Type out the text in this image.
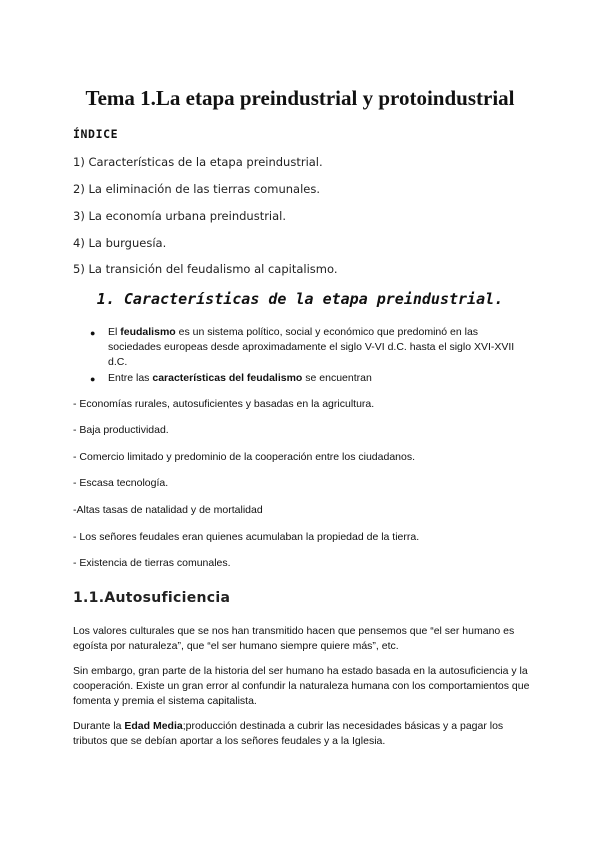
Tema 1.La etapa preindustrial y protoindustrial
ÍNDICE
1) Características de la etapa preindustrial.
2) La eliminación de las tierras comunales.
3) La economía urbana preindustrial.
4) La burguesía.
5) La transición del feudalismo al capitalismo.
1. Características de la etapa preindustrial.
● El feudalismo es un sistema político, social y económico que predominó en las sociedades europeas desde aproximadamente el siglo V-VI d.C. hasta el siglo XVI-XVII d.C.
● Entre las características del feudalismo se encuentran
- Economías rurales, autosuficientes y basadas en la agricultura.
- Baja productividad.
- Comercio limitado y predominio de la cooperación entre los ciudadanos.
- Escasa tecnología.
-Altas tasas de natalidad y de mortalidad
- Los señores feudales eran quienes acumulaban la propiedad de la tierra.
- Existencia de tierras comunales.
1.1.Autosuficiencia
Los valores culturales que se nos han transmitido hacen que pensemos que “el ser humano es egoísta por naturaleza”, que “el ser humano siempre quiere más”, etc.
Sin embargo, gran parte de la historia del ser humano ha estado basada en la autosuficiencia y la cooperación. Existe un gran error al confundir la naturaleza humana con los comportamientos que fomenta y premia el sistema capitalista.
Durante la Edad Media;producción destinada a cubrir las necesidades básicas y a pagar los tributos que se debían aportar a los señores feudales y a la Iglesia.
